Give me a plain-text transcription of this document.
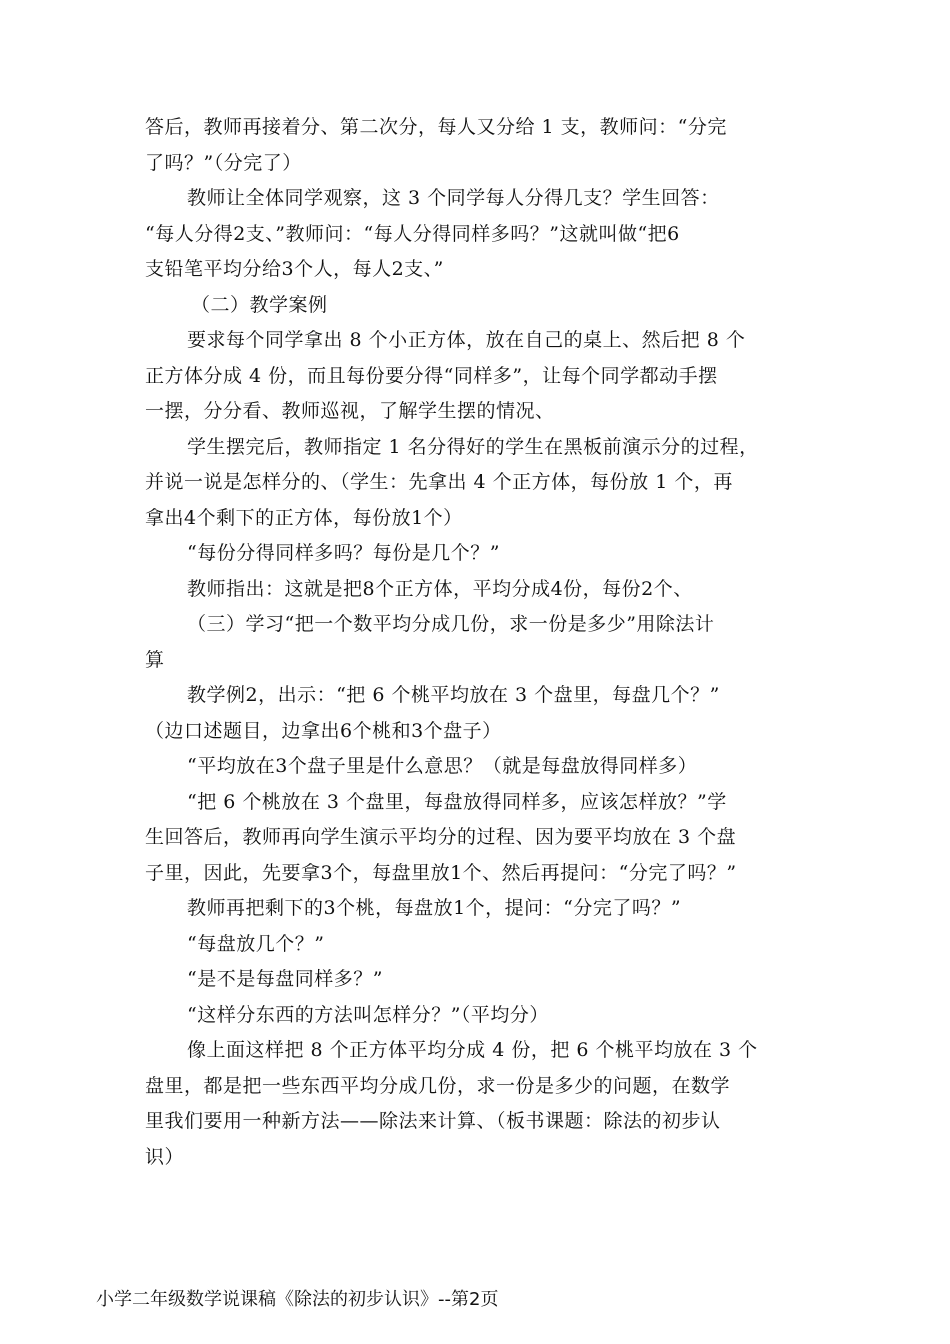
答后，教师再接着分、第二次分，每人又分给 1 支，教师问：“分完
了吗？”（分完了）

教师让全体同学观察，这 3 个同学每人分得几支？学生回答：
“每人分得2支、”教师问：“每人分得同样多吗？”这就叫做“把6
支铅笔平均分给3个人，每人2支、”

（二）教学案例

要求每个同学拿出 8 个小正方体，放在自己的桌上、然后把 8 个
正方体分成 4 份，而且每份要分得“同样多”，让每个同学都动手摆
一摆，分分看、教师巡视，了解学生摆的情况、

学生摆完后，教师指定 1 名分得好的学生在黑板前演示分的过程，
并说一说是怎样分的、（学生：先拿出 4 个正方体，每份放 1 个，再
拿出4个剩下的正方体，每份放1个）

“每份分得同样多吗？每份是几个？”

教师指出：这就是把8个正方体，平均分成4份，每份2个、

（三）学习“把一个数平均分成几份，求一份是多少”用除法计
算

教学例2，出示：“把 6 个桃平均放在 3 个盘里，每盘几个？”
（边口述题目，边拿出6个桃和3个盘子）

“平均放在3个盘子里是什么意思？（就是每盘放得同样多）

“把 6 个桃放在 3 个盘里，每盘放得同样多，应该怎样放？”学
生回答后，教师再向学生演示平均分的过程、因为要平均放在 3 个盘
子里，因此，先要拿3个，每盘里放1个、然后再提问：“分完了吗？”

教师再把剩下的3个桃，每盘放1个，提问：“分完了吗？”

“每盘放几个？”

“是不是每盘同样多？”

“这样分东西的方法叫怎样分？”（平均分）

像上面这样把 8 个正方体平均分成 4 份，把 6 个桃平均放在 3 个
盘里，都是把一些东西平均分成几份，求一份是多少的问题，在数学
里我们要用一种新方法——除法来计算、（板书课题：除法的初步认
识）

小学二年级数学说课稿《除法的初步认识》--第2页
